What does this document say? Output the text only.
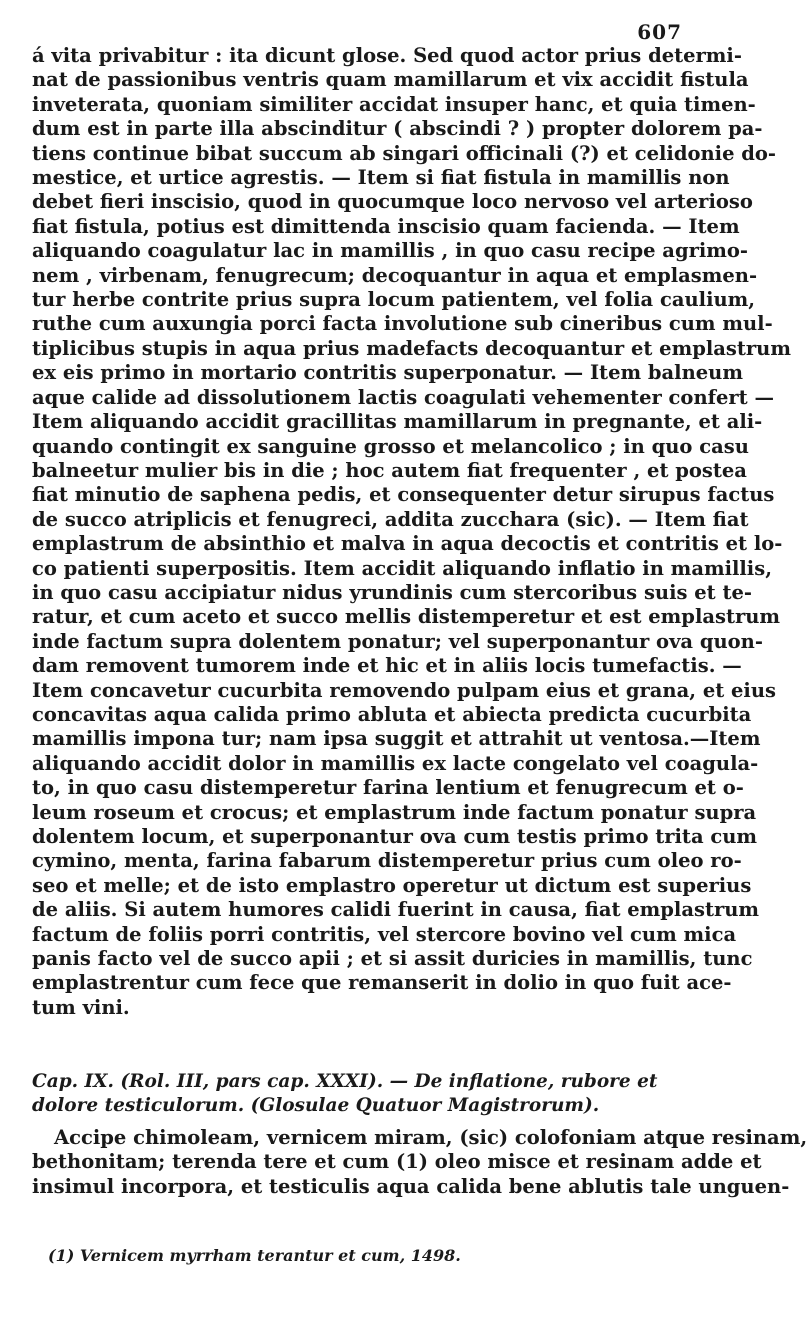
607
á vita privabitur : ita dicunt glose. Sed quod actor prius determi-
nat de passionibus ventris quam mamillarum et vix accidit fistula
inveterata, quoniam similiter accidat insuper hanc, et quia timen-
dum est in parte illa abscinditur ( abscindi ? ) propter dolorem pa-
tiens continue bibat succum ab singari officinali (?) et celidonie do-
mestice, et urtice agrestis. — Item si fiat fistula in mamillis non
debet fieri inscisio, quod in quocumque loco nervoso vel arterioso
fiat fistula, potius est dimittenda inscisio quam facienda. — Item
aliquando coagulatur lac in mamillis , in quo casu recipe agrimo-
nem , virbenam, fenugrecum; decoquantur in aqua et emplasmen-
tur herbe contrite prius supra locum patientem, vel folia caulium,
ruthe cum auxungia porci facta involutione sub cineribus cum mul-
tiplicibus stupis in aqua prius madefacts decoquantur et emplastrum
ex eis primo in mortario contritis superponatur. — Item balneum
aque calide ad dissolutionem lactis coagulati vehementer confert —
Item aliquando accidit gracillitas mamillarum in pregnante, et ali-
quando contingit ex sanguine grosso et melancolico ; in quo casu
balneetur mulier bis in die ; hoc autem fiat frequenter , et postea
fiat minutio de saphena pedis, et consequenter detur sirupus factus
de succo atriplicis et fenugreci, addita zucchara (sic). — Item fiat
emplastrum de absinthio et malva in aqua decoctis et contritis et lo-
co patienti superpositis. Item accidit aliquando inflatio in mamillis,
in quo casu accipiatur nidus yrundinis cum stercoribus suis et te-
ratur, et cum aceto et succo mellis distemperetur et est emplastrum
inde factum supra dolentem ponatur; vel superponantur ova quon-
dam removent tumorem inde et hic et in aliis locis tumefactis. —
Item concavetur cucurbita removendo pulpam eius et grana, et eius
concavitas aqua calida primo abluta et abiecta predicta cucurbita
mamillis impona tur; nam ipsa suggit et attrahit ut ventosa.—Item
aliquando accidit dolor in mamillis ex lacte congelato vel coagula-
to, in quo casu distemperetur farina lentium et fenugrecum et o-
leum roseum et crocus; et emplastrum inde factum ponatur supra
dolentem locum, et superponantur ova cum testis primo trita cum
cymino, menta, farina fabarum distemperetur prius cum oleo ro-
seo et melle; et de isto emplastro operetur ut dictum est superius
de aliis. Si autem humores calidi fuerint in causa, fiat emplastrum
factum de foliis porri contritis, vel stercore bovino vel cum mica
panis facto vel de succo apii ; et si assit duricies in mamillis, tunc
emplastrentur cum fece que remanserit in dolio in quo fuit ace-
tum vini.
Cap. IX. (Rol. III, pars cap. XXXI). — De inflatione, rubore et
dolore testiculorum. (Glosulae Quatuor Magistrorum).
Accipe chimoleam, vernicem miram, (sic) colofoniam atque resinam,
bethonitam; terenda tere et cum (1) oleo misce et resinam adde et
insimul incorpora, et testiculis aqua calida bene ablutis tale unguen-
(1) Vernicem myrrham terantur et cum, 1498.
